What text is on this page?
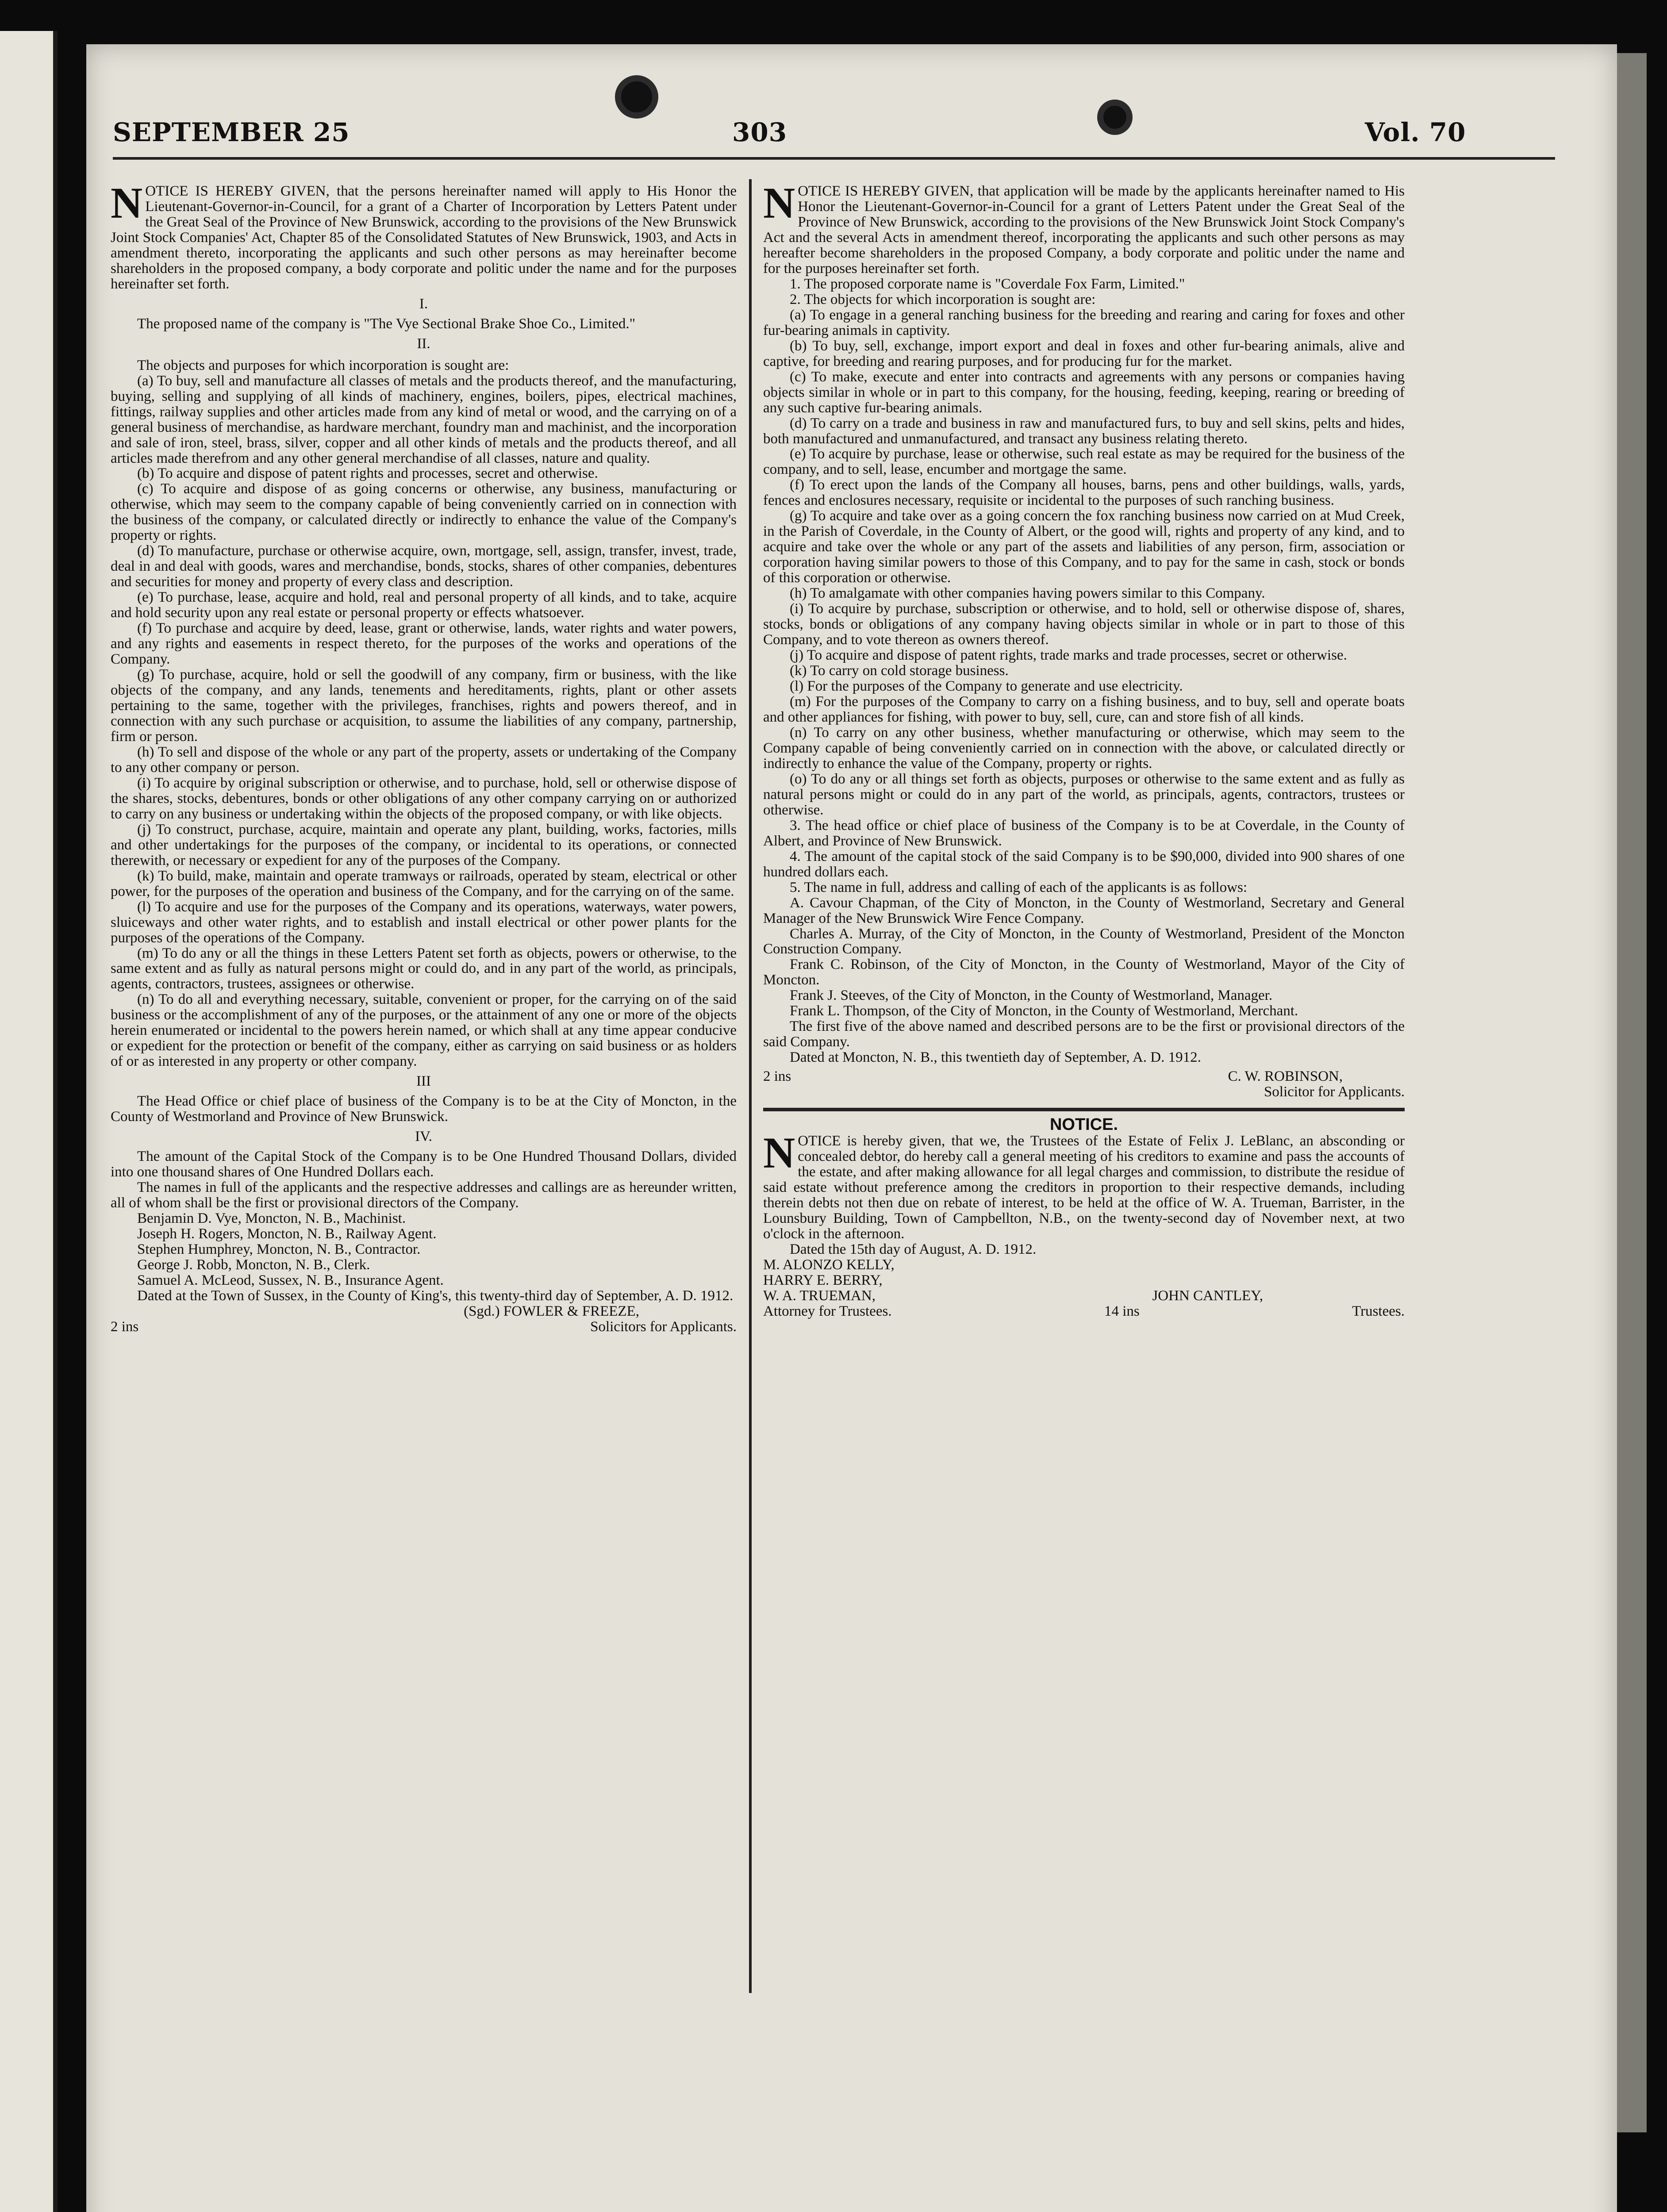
SEPTEMBER 25	303	Vol. 70

NOTICE IS HEREBY GIVEN, that the persons hereinafter named will apply to His Honor the Lieutenant-Governor-in-Council, for a grant of a Charter of Incorporation by Letters Patent under the Great Seal of the Province of New Brunswick, according to the provisions of the New Brunswick Joint Stock Companies' Act, Chapter 85 of the Consolidated Statutes of New Brunswick, 1903, and Acts in amendment thereto, incorporating the applicants and such other persons as may hereinafter become shareholders in the proposed company, a body corporate and politic under the name and for the purposes hereinafter set forth.

I.

The proposed name of the company is "The Vye Sectional Brake Shoe Co., Limited."

II.

The objects and purposes for which incorporation is sought are:

(a) To buy, sell and manufacture all classes of metals and the products thereof, and the manufacturing, buying, selling and supplying of all kinds of machinery, engines, boilers, pipes, electrical machines, fittings, railway supplies and other articles made from any kind of metal or wood, and the carrying on of a general business of merchandise, as hardware merchant, foundry man and machinist, and the incorporation and sale of iron, steel, brass, silver, copper and all other kinds of metals and the products thereof, and all articles made therefrom and any other general merchandise of all classes, nature and quality.

(b) To acquire and dispose of patent rights and processes, secret and otherwise.

(c) To acquire and dispose of as going concerns or otherwise, any business, manufacturing or otherwise, which may seem to the company capable of being conveniently carried on in connection with the business of the company, or calculated directly or indirectly to enhance the value of the Company's property or rights.

(d) To manufacture, purchase or otherwise acquire, own, mortgage, sell, assign, transfer, invest, trade, deal in and deal with goods, wares and merchandise, bonds, stocks, shares of other companies, debentures and securities for money and property of every class and description.

(e) To purchase, lease, acquire and hold, real and personal property of all kinds, and to take, acquire and hold security upon any real estate or personal property or effects whatsoever.

(f) To purchase and acquire by deed, lease, grant or otherwise, lands, water rights and water powers, and any rights and easements in respect thereto, for the purposes of the works and operations of the Company.

(g) To purchase, acquire, hold or sell the goodwill of any company, firm or business, with the like objects of the company, and any lands, tenements and hereditaments, rights, plant or other assets pertaining to the same, together with the privileges, franchises, rights and powers thereof, and in connection with any such purchase or acquisition, to assume the liabilities of any company, partnership, firm or person.

(h) To sell and dispose of the whole or any part of the property, assets or undertaking of the Company to any other company or person.

(i) To acquire by original subscription or otherwise, and to purchase, hold, sell or otherwise dispose of the shares, stocks, debentures, bonds or other obligations of any other company carrying on or authorized to carry on any business or undertaking within the objects of the proposed company, or with like objects.

(j) To construct, purchase, acquire, maintain and operate any plant, building, works, factories, mills and other undertakings for the purposes of the company, or incidental to its operations, or connected therewith, or necessary or expedient for any of the purposes of the Company.

(k) To build, make, maintain and operate tramways or railroads, operated by steam, electrical or other power, for the purposes of the operation and business of the Company, and for the carrying on of the same.

(l) To acquire and use for the purposes of the Company and its operations, waterways, water powers, sluiceways and other water rights, and to establish and install electrical or other power plants for the purposes of the operations of the Company.

(m) To do any or all the things in these Letters Patent set forth as objects, powers or otherwise, to the same extent and as fully as natural persons might or could do, and in any part of the world, as principals, agents, contractors, trustees, assignees or otherwise.

(n) To do all and everything necessary, suitable, convenient or proper, for the carrying on of the said business or the accomplishment of any of the purposes, or the attainment of any one or more of the objects herein enumerated or incidental to the powers herein named, or which shall at any time appear conducive or expedient for the protection or benefit of the company, either as carrying on said business or as holders of or as interested in any property or other company.

III

The Head Office or chief place of business of the Company is to be at the City of Moncton, in the County of Westmorland and Province of New Brunswick.

IV.

The amount of the Capital Stock of the Company is to be One Hundred Thousand Dollars, divided into one thousand shares of One Hundred Dollars each.

The names in full of the applicants and the respective addresses and callings are as hereunder written, all of whom shall be the first or provisional directors of the Company.

Benjamin D. Vye, Moncton, N. B., Machinist.

Joseph H. Rogers, Moncton, N. B., Railway Agent.

Stephen Humphrey, Moncton, N. B., Contractor.

George J. Robb, Moncton, N. B., Clerk.

Samuel A. McLeod, Sussex, N. B., Insurance Agent.

Dated at the Town of Sussex, in the County of King's, this twenty-third day of September, A. D. 1912.

(Sgd.) FOWLER & FREEZE,

2 ins	Solicitors for Applicants.

NOTICE IS HEREBY GIVEN, that application will be made by the applicants hereinafter named to His Honor the Lieutenant-Governor-in-Council for a grant of Letters Patent under the Great Seal of the Province of New Brunswick, according to the provisions of the New Brunswick Joint Stock Company's Act and the several Acts in amendment thereof, incorporating the applicants and such other persons as may hereafter become shareholders in the proposed Company, a body corporate and politic under the name and for the purposes hereinafter set forth.

1. The proposed corporate name is "Coverdale Fox Farm, Limited."

2. The objects for which incorporation is sought are:

(a) To engage in a general ranching business for the breeding and rearing and caring for foxes and other fur-bearing animals in captivity.

(b) To buy, sell, exchange, import export and deal in foxes and other fur-bearing animals, alive and captive, for breeding and rearing purposes, and for producing fur for the market.

(c) To make, execute and enter into contracts and agreements with any persons or companies having objects similar in whole or in part to this company, for the housing, feeding, keeping, rearing or breeding of any such captive fur-bearing animals.

(d) To carry on a trade and business in raw and manufactured furs, to buy and sell skins, pelts and hides, both manufactured and unmanufactured, and transact any business relating thereto.

(e) To acquire by purchase, lease or otherwise, such real estate as may be required for the business of the company, and to sell, lease, encumber and mortgage the same.

(f) To erect upon the lands of the Company all houses, barns, pens and other buildings, walls, yards, fences and enclosures necessary, requisite or incidental to the purposes of such ranching business.

(g) To acquire and take over as a going concern the fox ranching business now carried on at Mud Creek, in the Parish of Coverdale, in the County of Albert, or the good will, rights and property of any kind, and to acquire and take over the whole or any part of the assets and liabilities of any person, firm, association or corporation having similar powers to those of this Company, and to pay for the same in cash, stock or bonds of this corporation or otherwise.

(h) To amalgamate with other companies having powers similar to this Company.

(i) To acquire by purchase, subscription or otherwise, and to hold, sell or otherwise dispose of, shares, stocks, bonds or obligations of any company having objects similar in whole or in part to those of this Company, and to vote thereon as owners thereof.

(j) To acquire and dispose of patent rights, trade marks and trade processes, secret or otherwise.

(k) To carry on cold storage business.

(l) For the purposes of the Company to generate and use electricity.

(m) For the purposes of the Company to carry on a fishing business, and to buy, sell and operate boats and other appliances for fishing, with power to buy, sell, cure, can and store fish of all kinds.

(n) To carry on any other business, whether manufacturing or otherwise, which may seem to the Company capable of being conveniently carried on in connection with the above, or calculated directly or indirectly to enhance the value of the Company, property or rights.

(o) To do any or all things set forth as objects, purposes or otherwise to the same extent and as fully as natural persons might or could do in any part of the world, as principals, agents, contractors, trustees or otherwise.

3. The head office or chief place of business of the Company is to be at Coverdale, in the County of Albert, and Province of New Brunswick.

4. The amount of the capital stock of the said Company is to be $90,000, divided into 900 shares of one hundred dollars each.

5. The name in full, address and calling of each of the applicants is as follows:

A. Cavour Chapman, of the City of Moncton, in the County of Westmorland, Secretary and General Manager of the New Brunswick Wire Fence Company.

Charles A. Murray, of the City of Moncton, in the County of Westmorland, President of the Moncton Construction Company.

Frank C. Robinson, of the City of Moncton, in the County of Westmorland, Mayor of the City of Moncton.

Frank J. Steeves, of the City of Moncton, in the County of Westmorland, Manager.

Frank L. Thompson, of the City of Moncton, in the County of Westmorland, Merchant.

The first five of the above named and described persons are to be the first or provisional directors of the said Company.

Dated at Moncton, N. B., this twentieth day of September, A. D. 1912.

2 ins	C. W. ROBINSON,
Solicitor for Applicants.

NOTICE.

NOTICE is hereby given, that we, the Trustees of the Estate of Felix J. LeBlanc, an absconding or concealed debtor, do hereby call a general meeting of his creditors to examine and pass the accounts of the estate, and after making allowance for all legal charges and commission, to distribute the residue of said estate without preference among the creditors in proportion to their respective demands, including therein debts not then due on rebate of interest, to be held at the office of W. A. Trueman, Barrister, in the Lounsbury Building, Town of Campbellton, N.B., on the twenty-second day of November next, at two o'clock in the afternoon.

Dated the 15th day of August, A. D. 1912.

M. ALONZO KELLY,

HARRY E. BERRY,

W. A. TRUEMAN,	JOHN CANTLEY,
Attorney for Trustees.	14 ins	Trustees.
